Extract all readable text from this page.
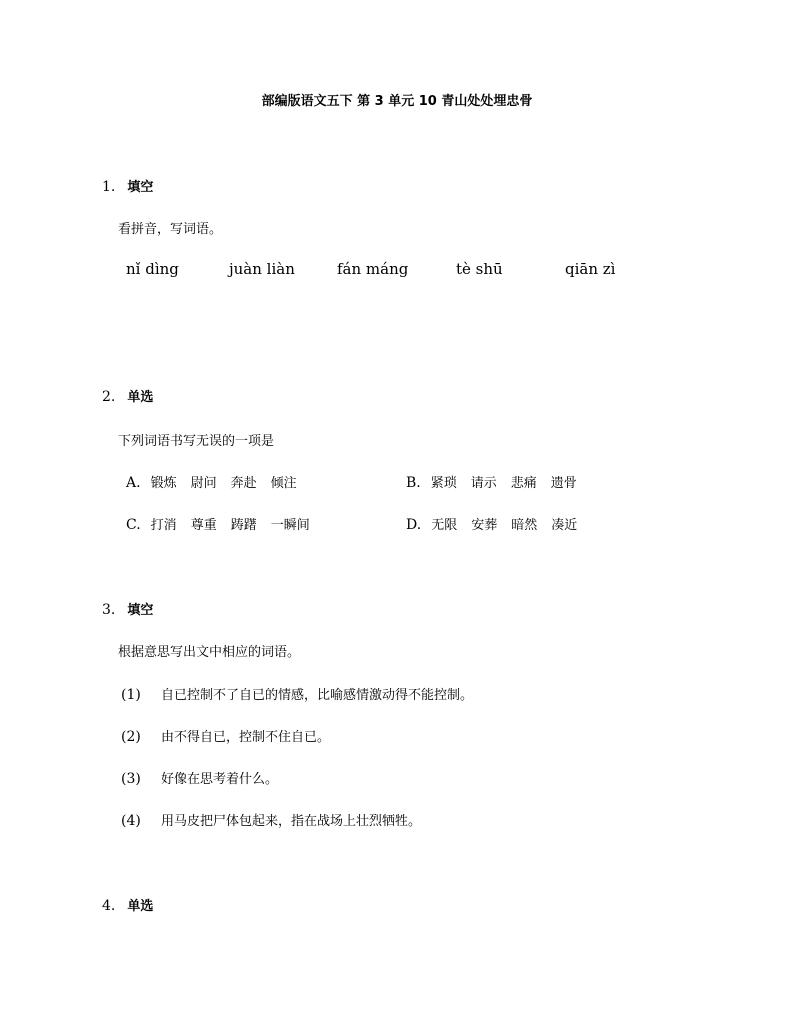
部编版语文五下 第 3 单元 10 青山处处埋忠骨
1. 填空
看拼音，写词语。
nǐ dìng	juàn liàn	fán máng	tè shū	qiān zì
2. 单选
下列词语书写无误的一项是
A. 锻炼 尉问 奔赴 倾注	B. 紧琐 请示 悲痛 遗骨
C. 打消 尊重 踌躇 一瞬间	D. 无限 安葬 暗然 凑近
3. 填空
根据意思写出文中相应的词语。
(1) 自已控制不了自已的情感，比喻感情激动得不能控制。
(2) 由不得自已，控制不住自已。
(3) 好像在思考着什么。
(4) 用马皮把尸体包起来，指在战场上壮烈牺牲。
4. 单选
